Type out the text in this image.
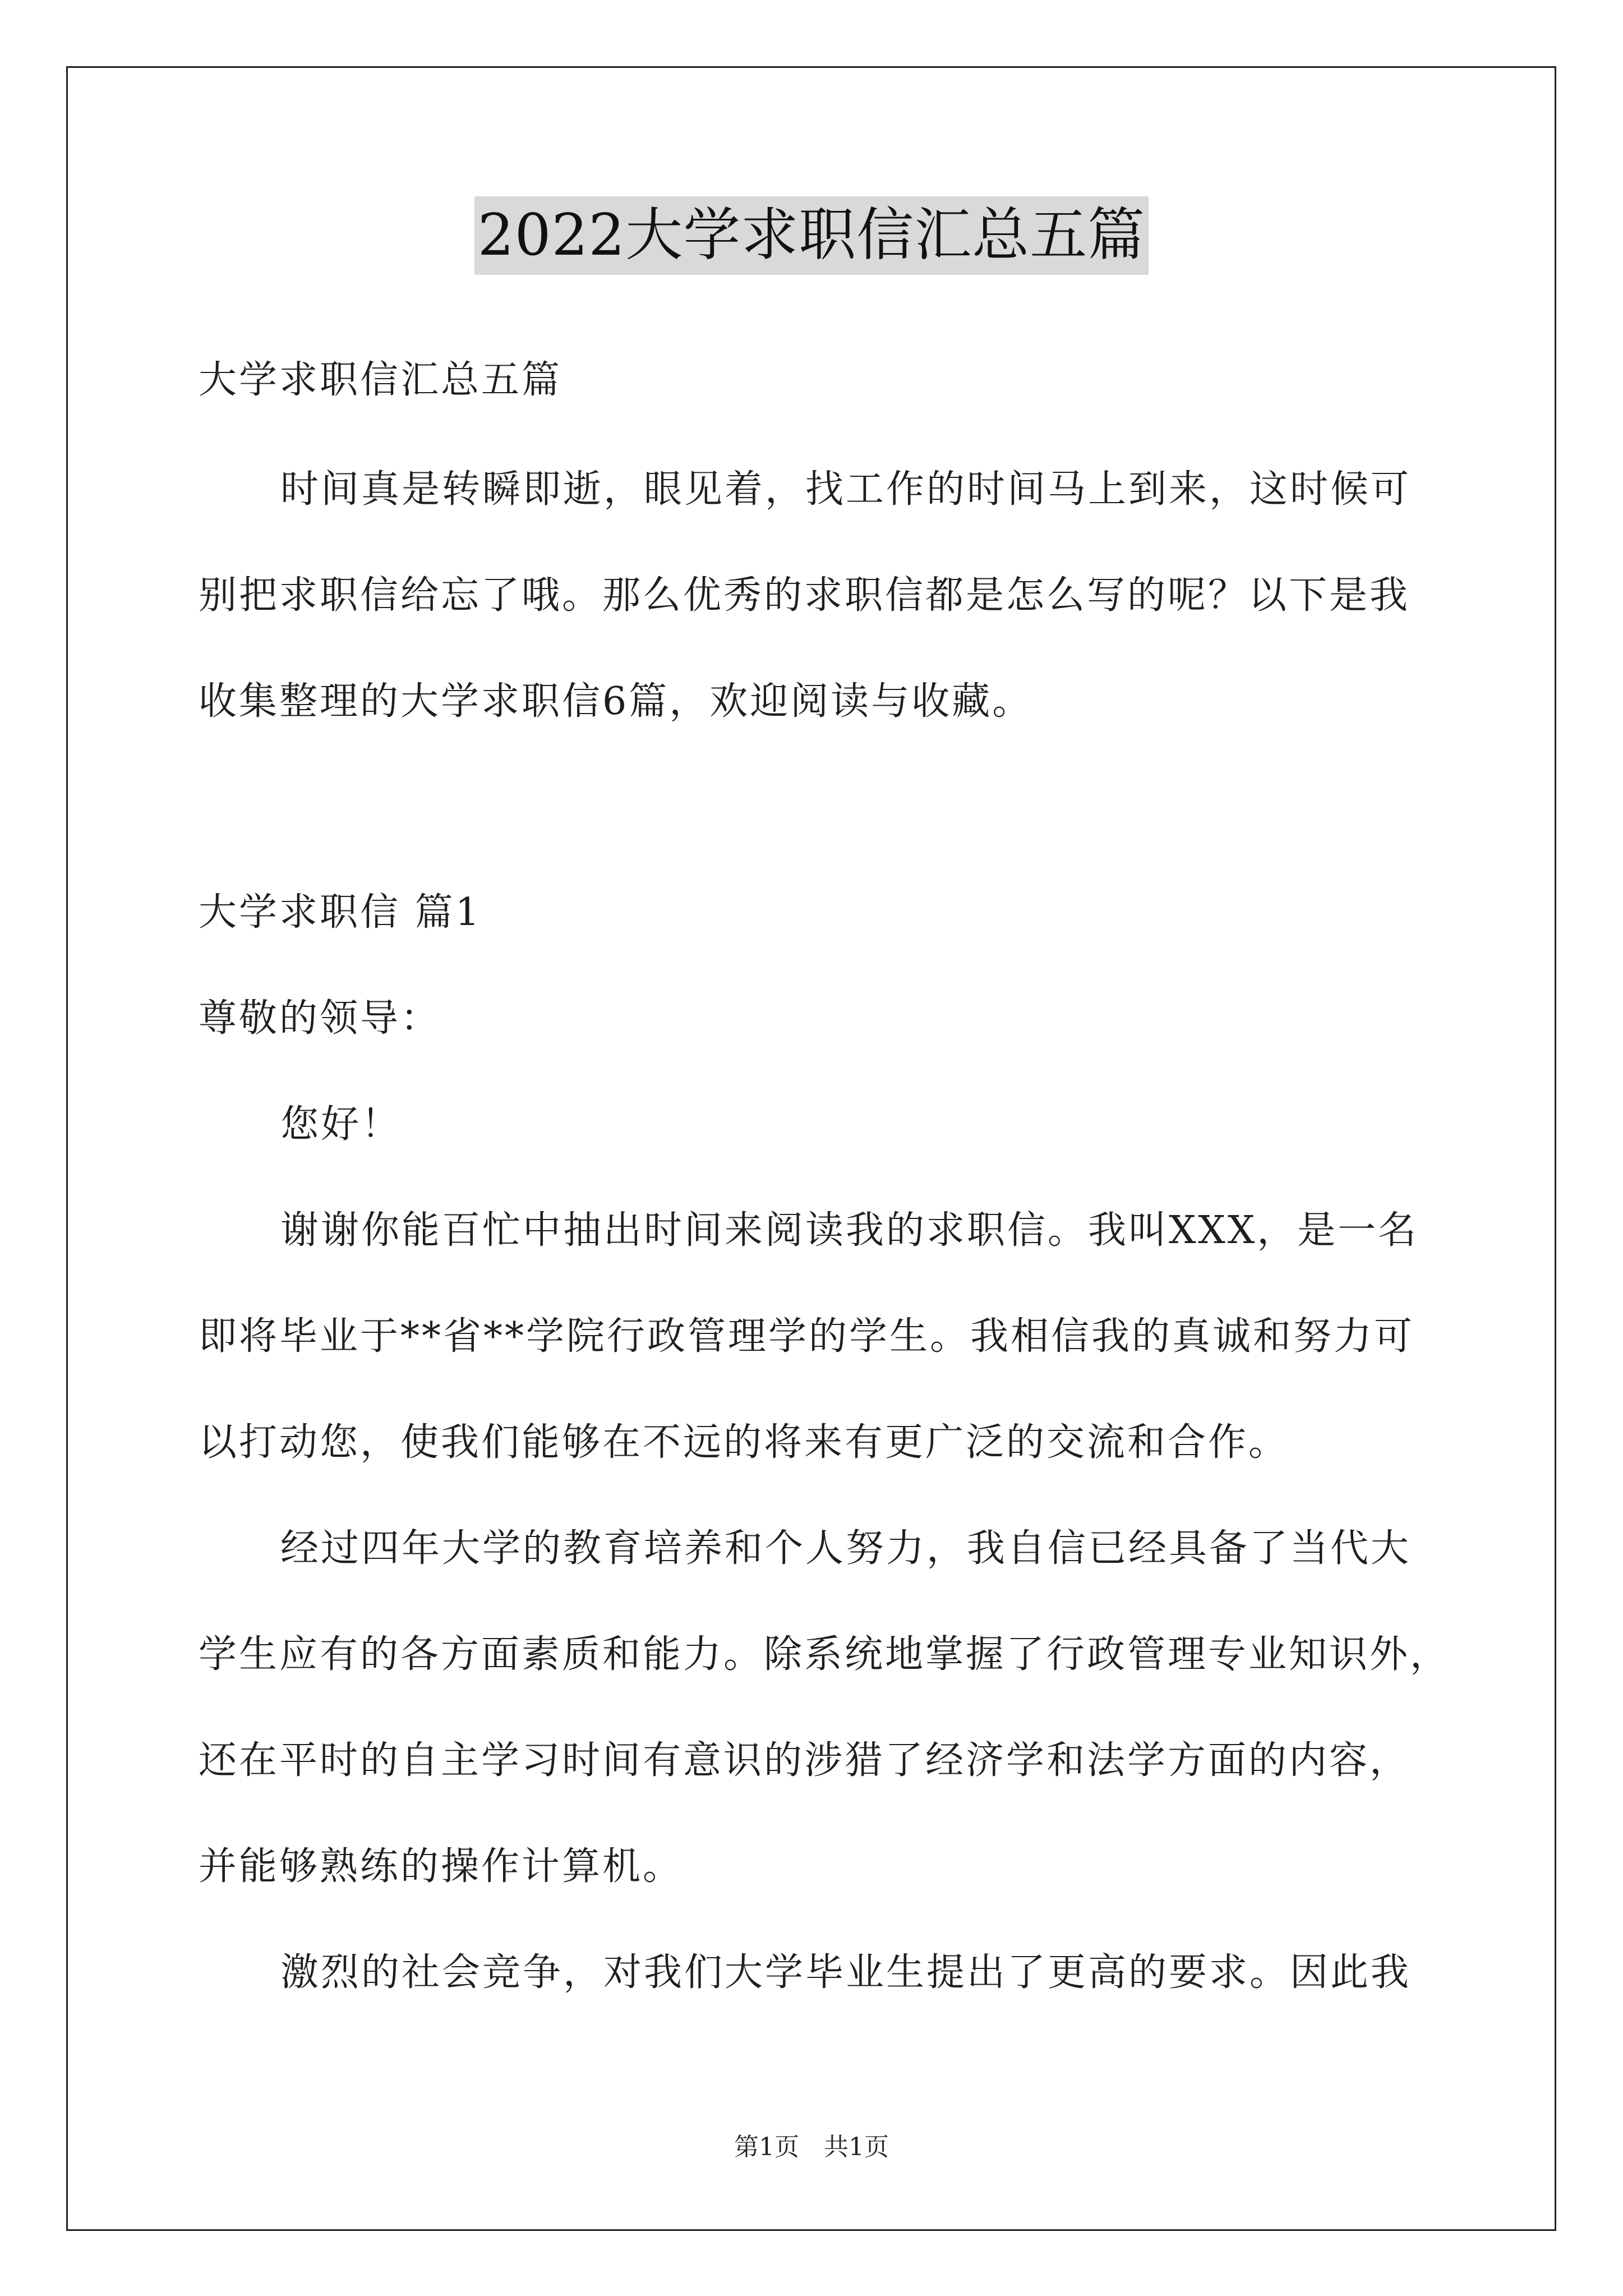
2022大学求职信汇总五篇
大学求职信汇总五篇
时间真是转瞬即逝，眼见着，找工作的时间马上到来，这时候可
别把求职信给忘了哦。那么优秀的求职信都是怎么写的呢？以下是我
收集整理的大学求职信6篇，欢迎阅读与收藏。
大学求职信 篇1
尊敬的领导：
您好！
谢谢你能百忙中抽出时间来阅读我的求职信。我叫XXX，是一名
即将毕业于**省**学院行政管理学的学生。我相信我的真诚和努力可
以打动您，使我们能够在不远的将来有更广泛的交流和合作。
经过四年大学的教育培养和个人努力，我自信已经具备了当代大
学生应有的各方面素质和能力。除系统地掌握了行政管理专业知识外，
还在平时的自主学习时间有意识的涉猎了经济学和法学方面的内容，
并能够熟练的操作计算机。
激烈的社会竞争，对我们大学毕业生提出了更高的要求。因此我
第1页　共1页
